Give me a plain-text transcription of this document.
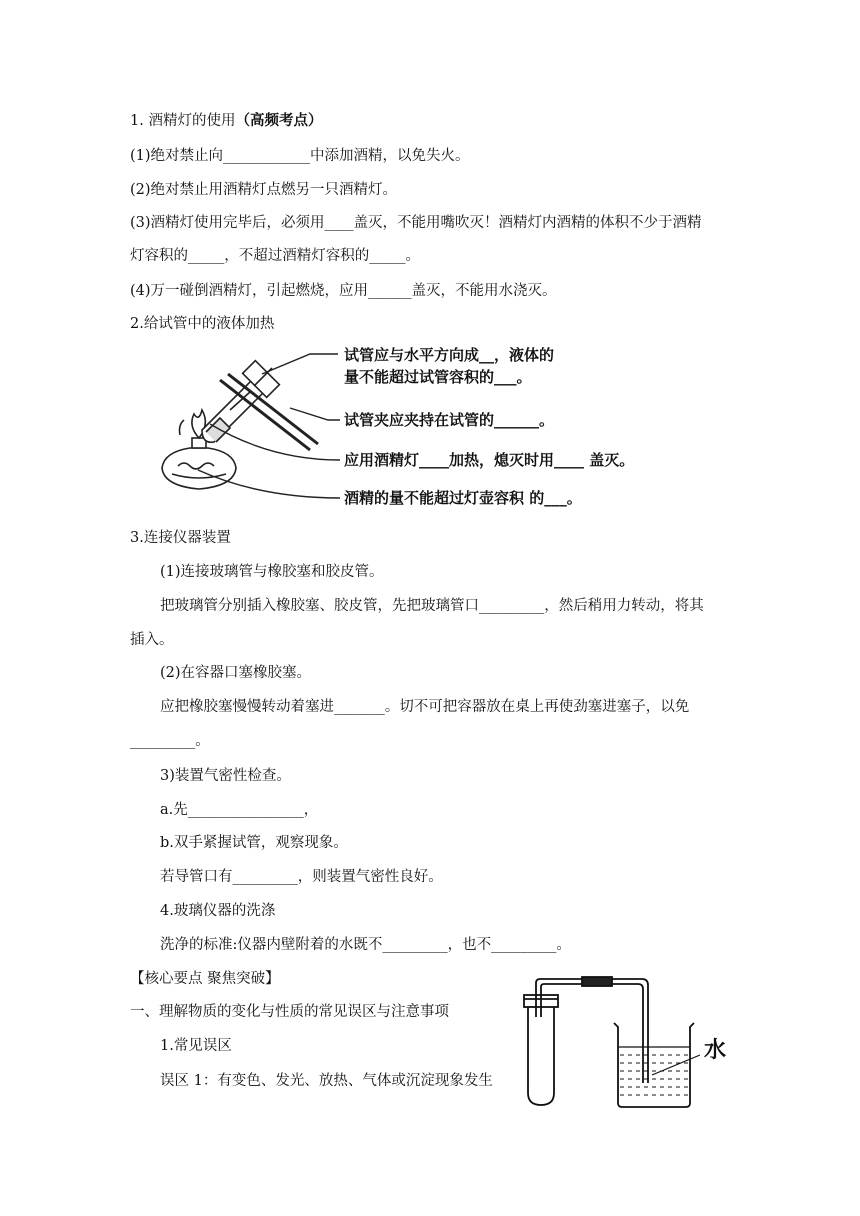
1. 酒精灯的使用（高频考点）
(1)绝对禁止向____________中添加酒精，以免失火。
(2)绝对禁止用酒精灯点燃另一只酒精灯。
(3)酒精灯使用完毕后，必须用____盖灭，不能用嘴吹灭！酒精灯内酒精的体积不少于酒精
灯容积的_____，不超过酒精灯容积的_____。
(4)万一碰倒酒精灯，引起燃烧，应用______盖灭，不能用水浇灭。
2.给试管中的液体加热
试管应与水平方向成__，液体的
量不能超过试管容积的___。
试管夹应夹持在试管的______。
应用酒精灯____加热，熄灭时用____ 盖灭。
酒精的量不能超过灯壶容积 的___。
3.连接仪器装置
(1)连接玻璃管与橡胶塞和胶皮管。
把玻璃管分别插入橡胶塞、胶皮管，先把玻璃管口_________，然后稍用力转动，将其
插入。
(2)在容器口塞橡胶塞。
应把橡胶塞慢慢转动着塞进_______。切不可把容器放在桌上再使劲塞进塞子，以免
_________。
3)装置气密性检查。
a.先________________，
b.双手紧握试管，观察现象。
若导管口有_________，则装置气密性良好。
4.玻璃仪器的洗涤
洗净的标准:仪器内壁附着的水既不_________，也不_________。
【核心要点 聚焦突破】
一、理解物质的变化与性质的常见误区与注意事项
1.常见误区
误区 1：有变色、发光、放热、气体或沉淀现象发生
水
